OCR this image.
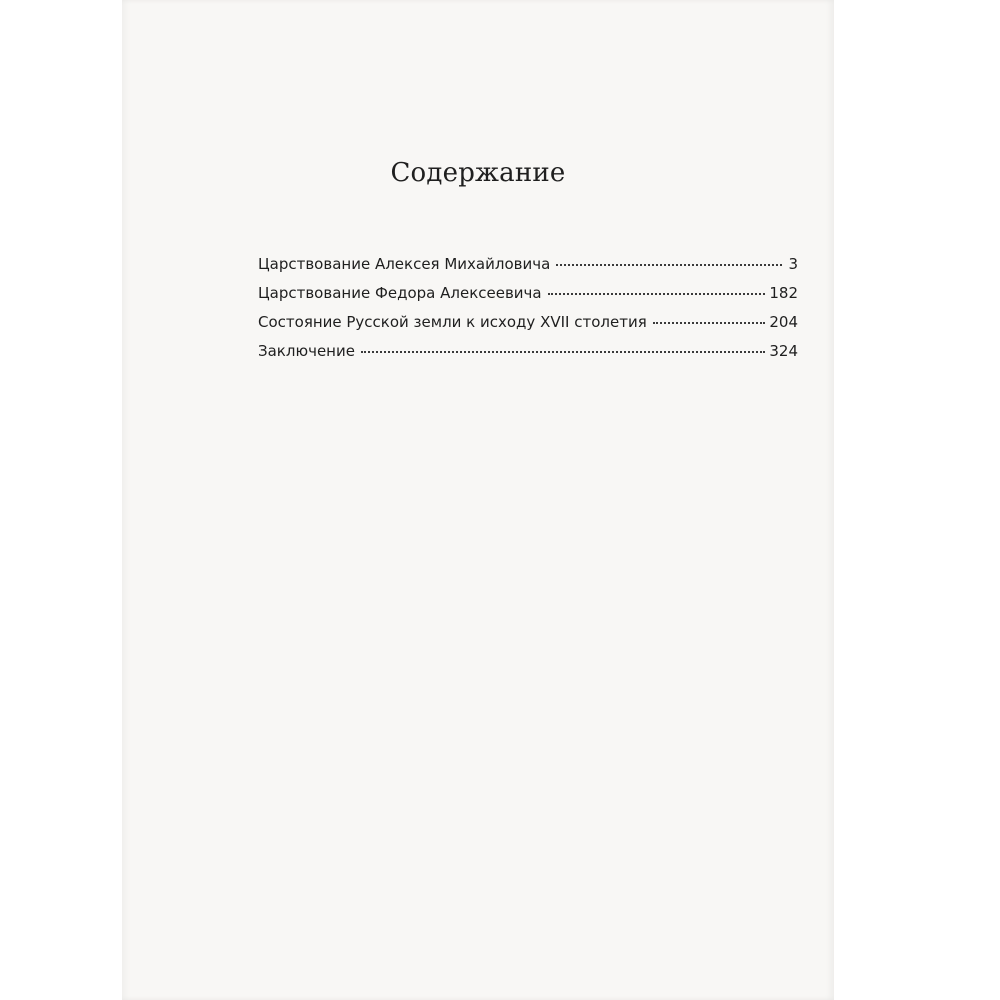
Содержание
Царствование Алексея Михайловича	3
Царствование Федора Алексеевича	182
Состояние Русской земли к исходу XVII столетия	204
Заключение	324
